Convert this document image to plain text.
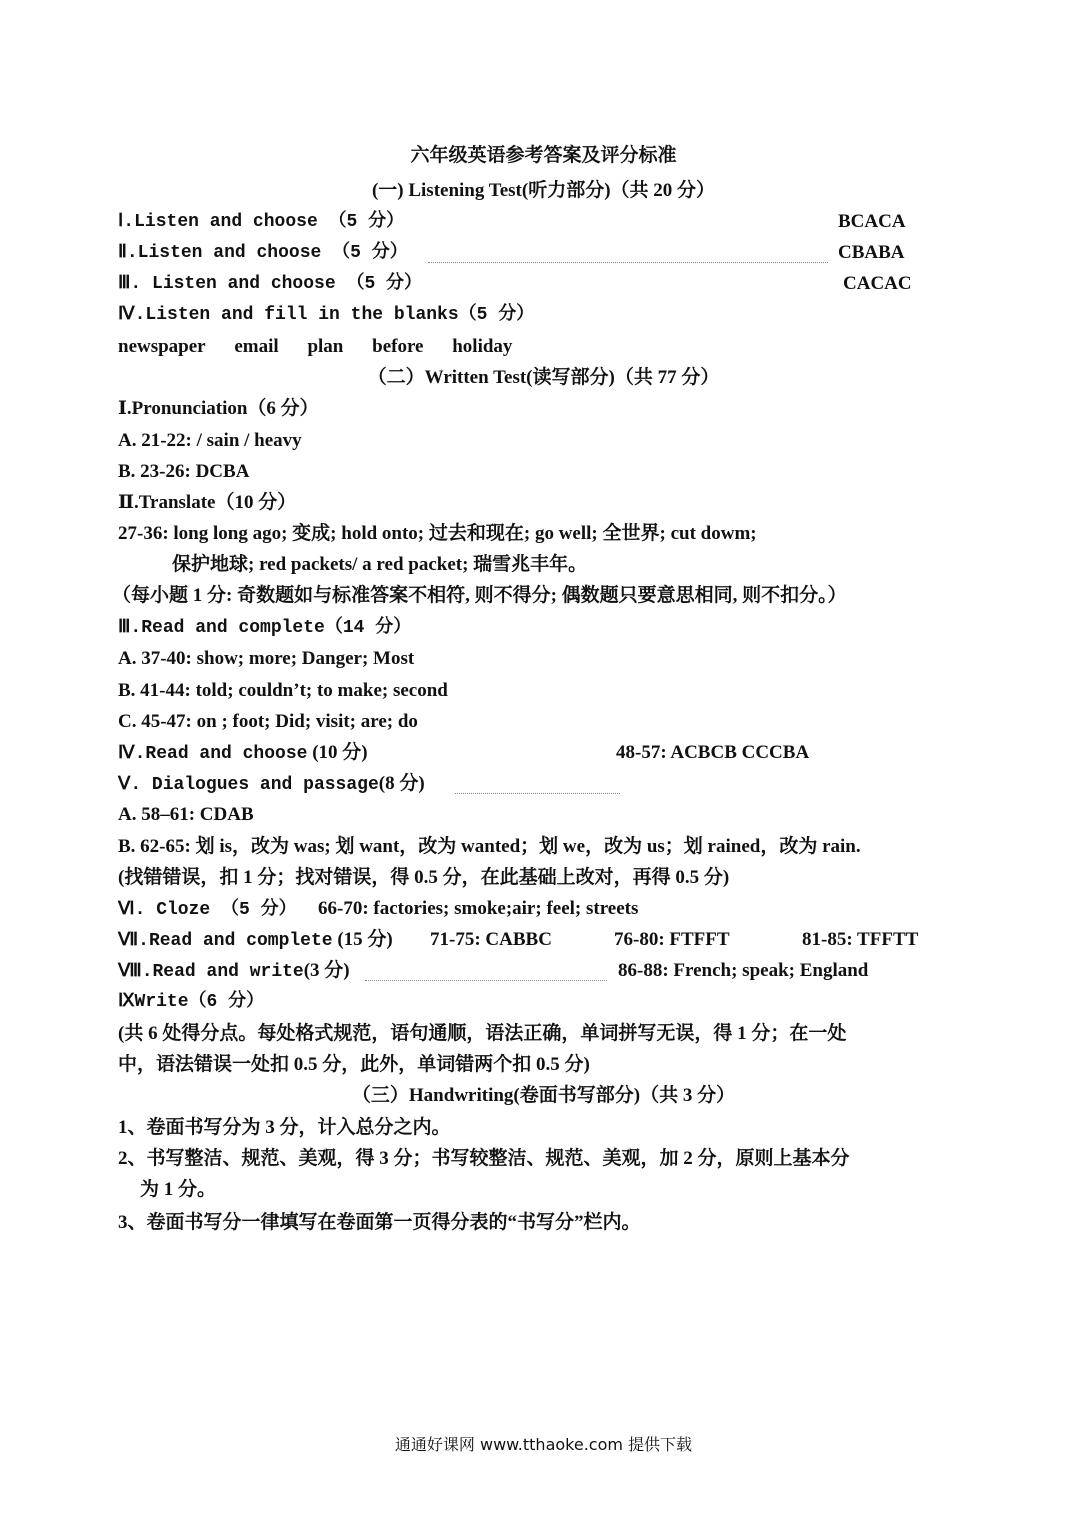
六年级英语参考答案及评分标准
(一) Listening Test(听力部分)（共 20 分）
Ⅰ.Listen and choose （5 分）	BCACA
Ⅱ.Listen and choose （5 分）	CBABA
Ⅲ. Listen and choose （5 分）	CACAC
Ⅳ.Listen and fill in the blanks（5 分）
newspaper email plan before holiday
（二）Written Test(读写部分)（共 77 分）
Ⅰ.Pronunciation（6 分）
A. 21-22: / sain / heavy
B. 23-26: DCBA
Ⅱ.Translate（10 分）
27-36: long long ago; 变成; hold onto; 过去和现在; go well; 全世界; cut dowm;
保护地球; red packets/ a red packet; 瑞雪兆丰年。
（每小题 1 分: 奇数题如与标准答案不相符, 则不得分; 偶数题只要意思相同, 则不扣分。）
Ⅲ.Read and complete（14 分）
A. 37-40: show; more; Danger; Most
B. 41-44: told; couldn’t; to make; second
C. 45-47: on ; foot; Did; visit; are; do
Ⅳ.Read and choose (10 分)	48-57: ACBCB CCCBA
Ⅴ. Dialogues and passage(8 分)
A. 58–61: CDAB
B. 62-65: 划 is，改为 was; 划 want，改为 wanted；划 we，改为 us；划 rained，改为 rain.
(找错错误，扣 1 分；找对错误，得 0.5 分，在此基础上改对，再得 0.5 分)
Ⅵ. Cloze （5 分） 66-70: factories; smoke;air; feel; streets
Ⅶ.Read and complete (15 分) 71-75: CABBC	76-80: FTFFT	81-85: TFFTT
Ⅷ.Read and write(3 分)	86-88: French; speak; England
ⅨWrite（6 分）
(共 6 处得分点。每处格式规范，语句通顺，语法正确，单词拼写无误，得 1 分；在一处
中，语法错误一处扣 0.5 分，此外，单词错两个扣 0.5 分)
（三）Handwriting(卷面书写部分)（共 3 分）
1、卷面书写分为 3 分，计入总分之内。
2、书写整洁、规范、美观，得 3 分；书写较整洁、规范、美观，加 2 分，原则上基本分
为 1 分。
3、卷面书写分一律填写在卷面第一页得分表的“书写分”栏内。
通通好课网 www.tthaoke.com 提供下载
